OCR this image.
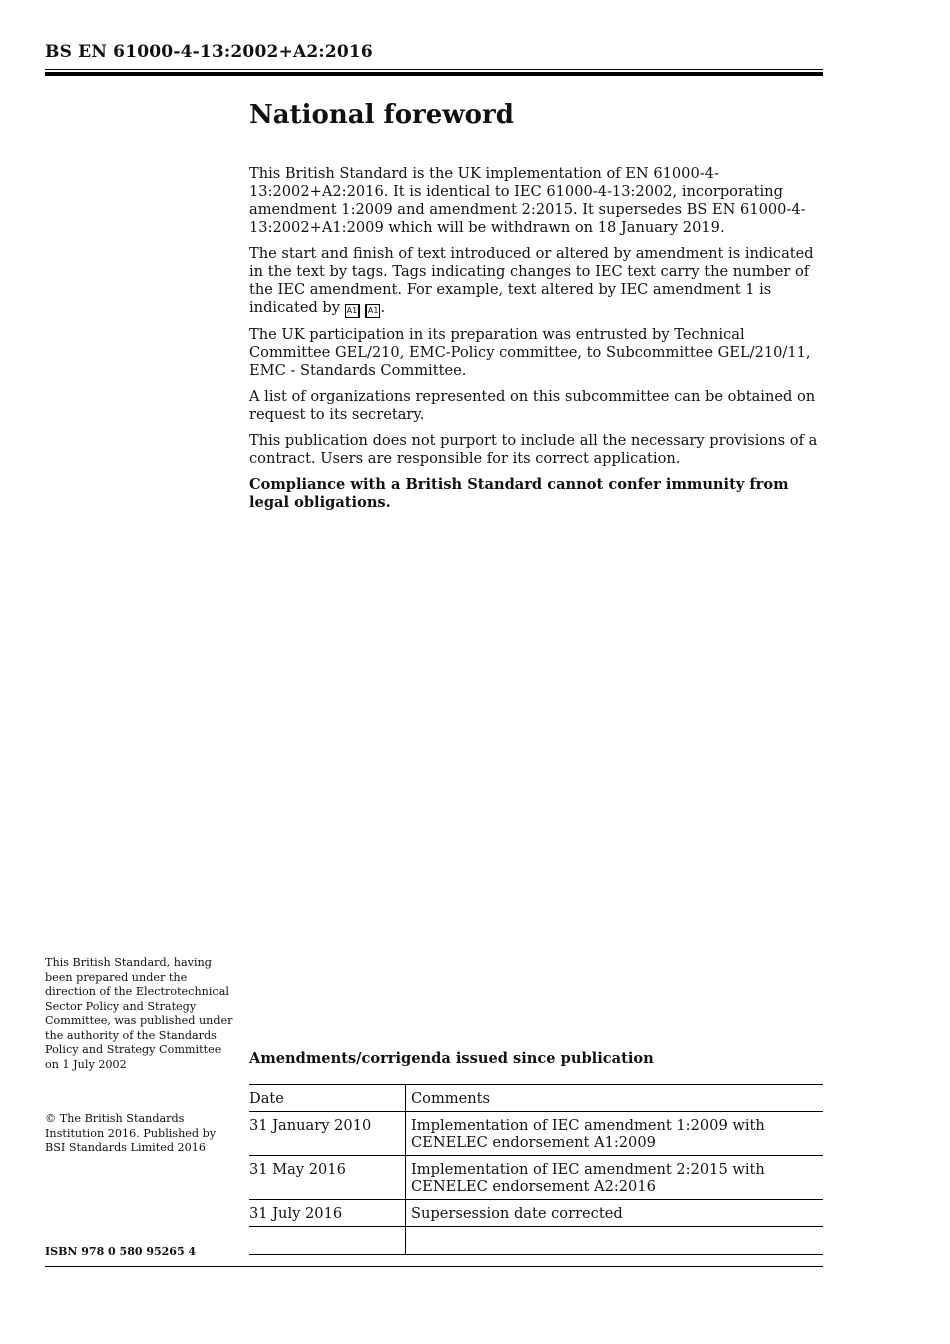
BS EN 61000-4-13:2002+A2:2016
National foreword

This British Standard is the UK implementation of EN 61000-4-13:2002+A2:2016. It is identical to IEC 61000-4-13:2002, incorporating amendment 1:2009 and amendment 2:2015. It supersedes BS EN 61000-4-13:2002+A1:2009 which will be withdrawn on 18 January 2019.

The start and finish of text introduced or altered by amendment is indicated in the text by tags. Tags indicating changes to IEC text carry the number of the IEC amendment. For example, text altered by IEC amendment 1 is indicated by A1 A1 .

The UK participation in its preparation was entrusted by Technical Committee GEL/210, EMC-Policy committee, to Subcommittee GEL/210/11, EMC - Standards Committee.

A list of organizations represented on this subcommittee can be obtained on request to its secretary.

This publication does not purport to include all the necessary provisions of a contract. Users are responsible for its correct application.

Compliance with a British Standard cannot confer immunity from legal obligations.

This British Standard, having been prepared under the direction of the Electrotechnical Sector Policy and Strategy Committee, was published under the authority of the Standards Policy and Strategy Committee on 1 July 2002
© The British Standards Institution 2016. Published by BSI Standards Limited 2016
ISBN 978 0 580 95265 4
Amendments/corrigenda issued since publication
Date	Comments
31 January 2010	Implementation of IEC amendment 1:2009 with CENELEC endorsement A1:2009
31 May 2016	Implementation of IEC amendment 2:2015 with CENELEC endorsement A2:2016
31 July 2016	Supersession date corrected
